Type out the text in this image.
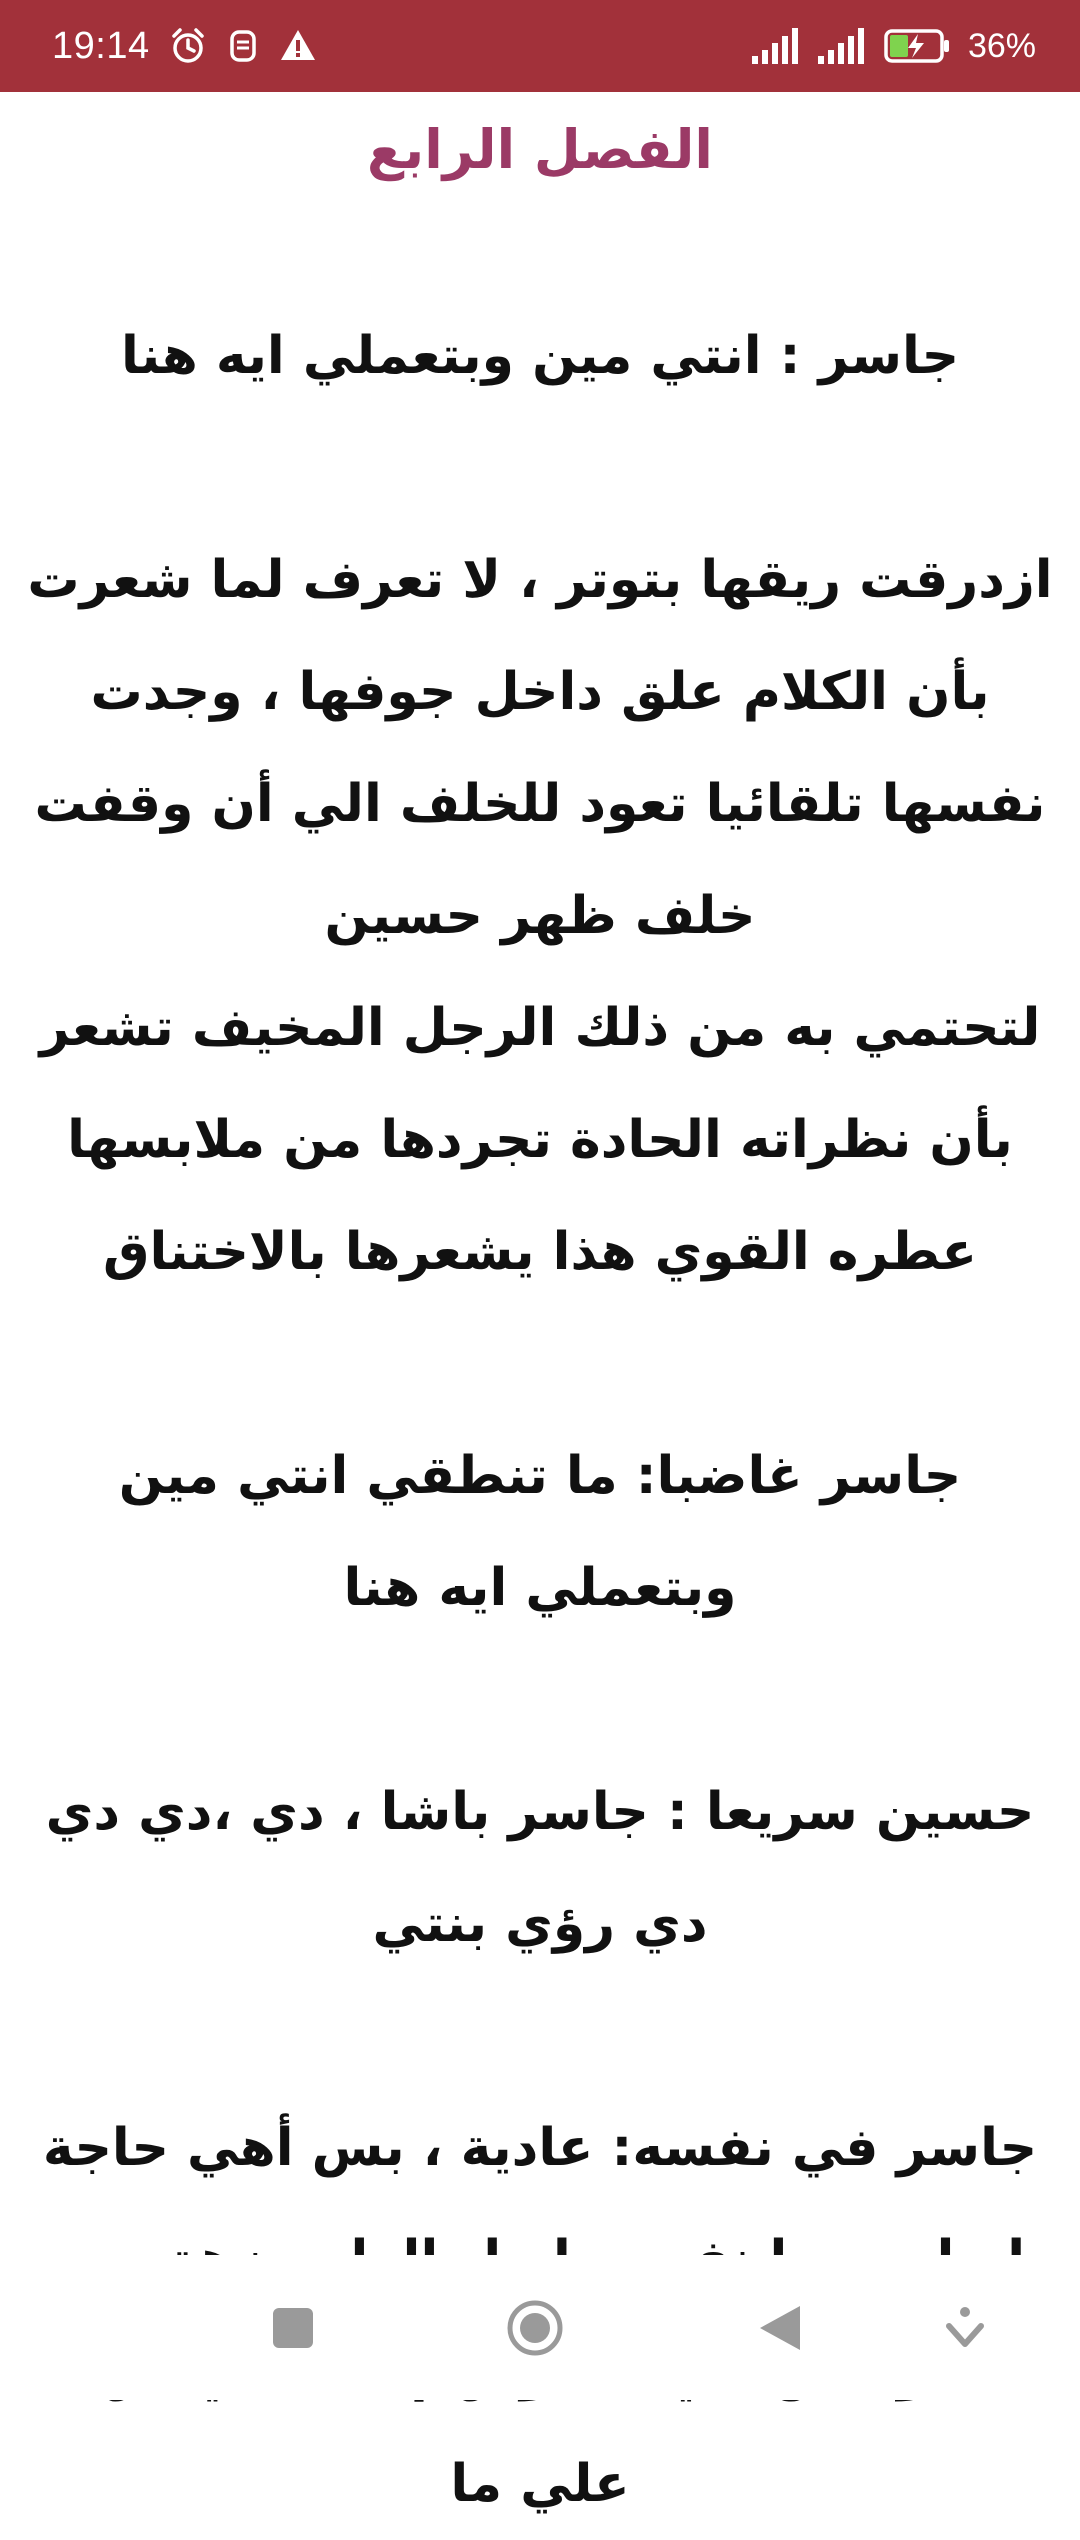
19:14	36%
الفصل الرابع

جاسر : انتي مين وبتعملي ايه هنا

ازدرقت ريقها بتوتر ، لا تعرف لما شعرت بأن الكلام علق داخل جوفها ، وجدت نفسها تلقائيا تعود للخلف الي أن وقفت خلف ظهر حسين

لتحتمي به من ذلك الرجل المخيف تشعر بأن نظراته الحادة تجردها من ملابسها عطره القوي هذا يشعرها بالاختناق

جاسر غاضبا: ما تنطقي انتي مين وبتعملي ايه هنا

حسين سريعا : جاسر باشا ، دي ،دي دي دي رؤي بنتي

جاسر في نفسه: عادية ، بس أهي حاجة علي ما
